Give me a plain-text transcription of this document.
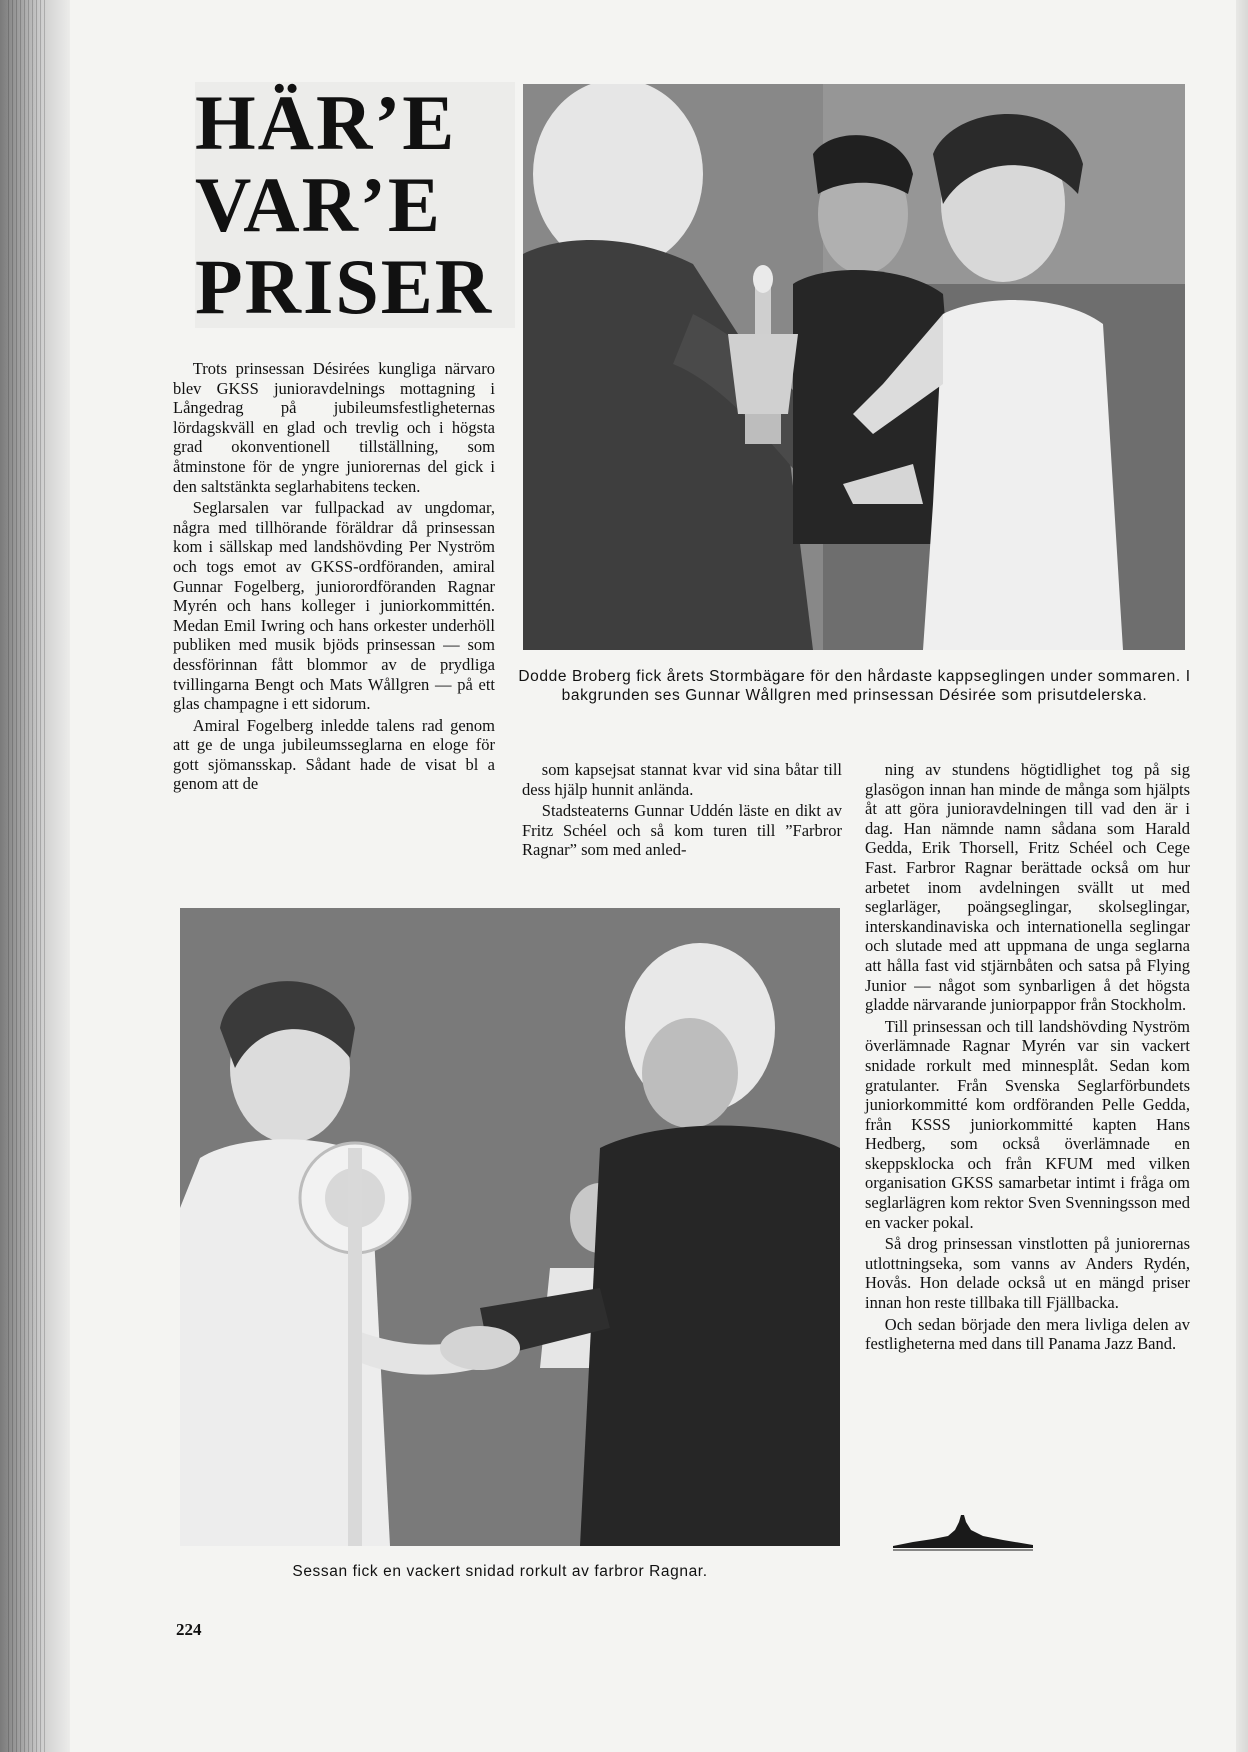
HÄR’E
VAR’E
PRISER
Dodde Broberg fick årets Stormbägare för den hårdaste kappseglingen under sommaren. I bakgrunden ses Gunnar Wållgren med prinsessan Désirée som prisutdelerska.

Trots prinsessan Désirées kungliga närvaro blev GKSS junioravdelnings mottagning i Långedrag på jubileumsfestligheternas lördagskväll en glad och trevlig och i högsta grad okonventionell tillställning, som åtminstone för de yngre juniorernas del gick i den saltstänkta seglarhabitens tecken.

Seglarsalen var fullpackad av ungdomar, några med tillhörande föräldrar då prinsessan kom i sällskap med landshövding Per Nyström och togs emot av GKSS-ordföranden, amiral Gunnar Fogelberg, juniorordföranden Ragnar Myrén och hans kolleger i juniorkommittén. Medan Emil Iwring och hans orkester underhöll publiken med musik bjöds prinsessan — som dessförinnan fått blommor av de prydliga tvillingarna Bengt och Mats Wållgren — på ett glas champagne i ett sidorum.

Amiral Fogelberg inledde talens rad genom att ge de unga jubileumsseglarna en eloge för gott sjömansskap. Sådant hade de visat bl a genom att de

som kapsejsat stannat kvar vid sina båtar till dess hjälp hunnit anlända.

Stadsteaterns Gunnar Uddén läste en dikt av Fritz Schéel och så kom turen till ”Farbror Ragnar” som med anled-

ning av stundens högtidlighet tog på sig glasögon innan han minde de många som hjälpts åt att göra junioravdelningen till vad den är i dag. Han nämnde namn sådana som Harald Gedda, Erik Thorsell, Fritz Schéel och Cege Fast. Farbror Ragnar berättade också om hur arbetet inom avdelningen svällt ut med seglarläger, poängseglingar, skolseglingar, interskandinaviska och internationella seglingar och slutade med att uppmana de unga seglarna att hålla fast vid stjärnbåten och satsa på Flying Junior — något som synbarligen å det högsta gladde närvarande juniorpappor från Stockholm.

Till prinsessan och till landshövding Nyström överlämnade Ragnar Myrén var sin vackert snidade rorkult med minnesplåt. Sedan kom gratulanter. Från Svenska Seglarförbundets juniorkommitté kom ordföranden Pelle Gedda, från KSSS juniorkommitté kapten Hans Hedberg, som också överlämnade en skeppsklocka och från KFUM med vilken organisation GKSS samarbetar intimt i fråga om seglarlägren kom rektor Sven Svenningsson med en vacker pokal.

Så drog prinsessan vinstlotten på juniorernas utlottningseka, som vanns av Anders Rydén, Hovås. Hon delade också ut en mängd priser innan hon reste tillbaka till Fjällbacka.

Och sedan började den mera livliga delen av festligheterna med dans till Panama Jazz Band.

Sessan fick en vackert snidad rorkult av farbror Ragnar.
224
